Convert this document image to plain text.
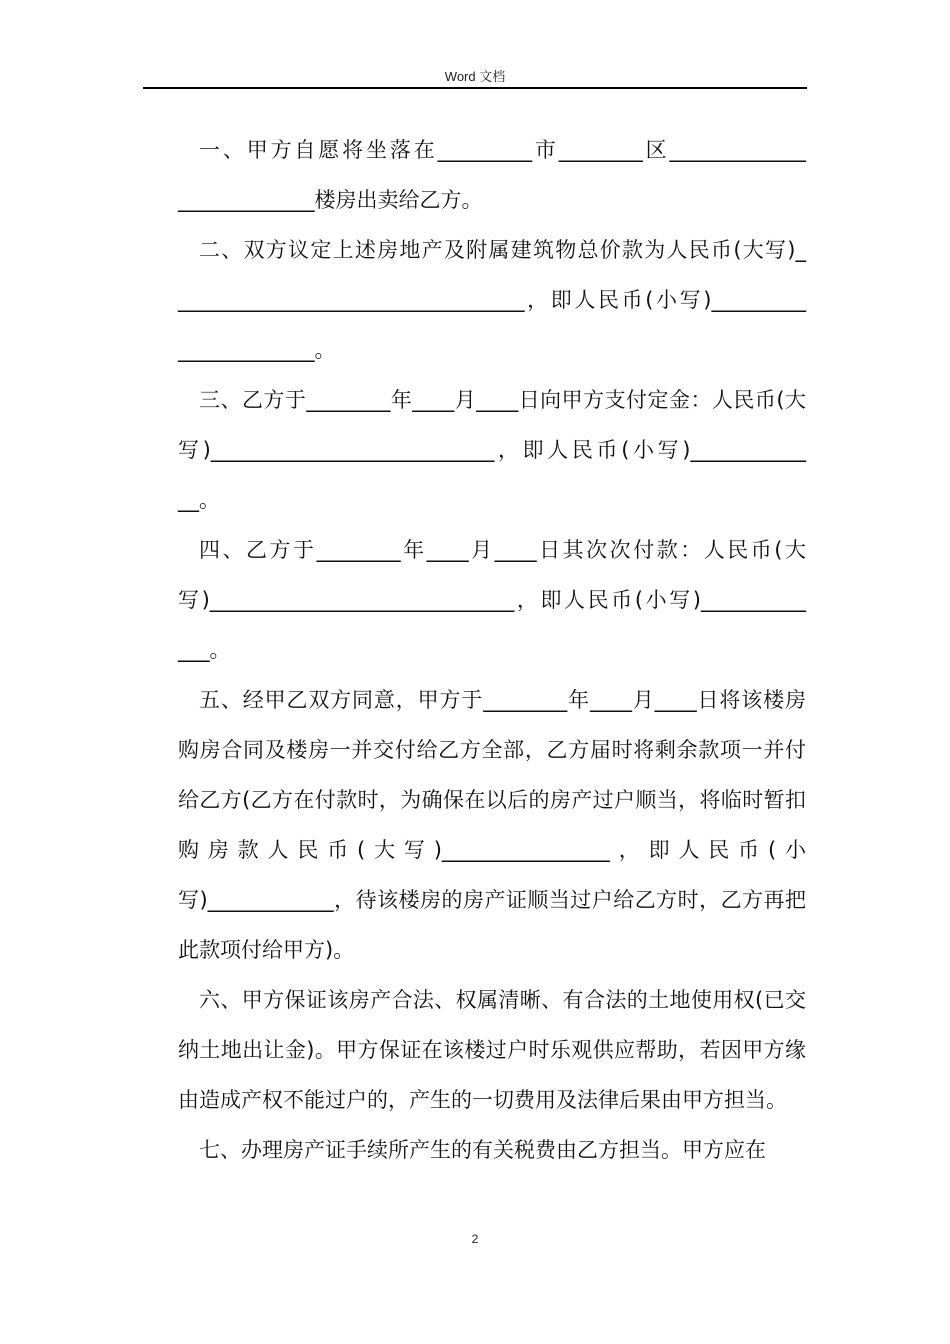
Word 文档

一、甲方自愿将坐落在_________市________区_____________ _____________楼房出卖给乙方。

二、双方议定上述房地产及附属建筑物总价款为人民币(大写)_ _________________________________，即人民币(小写)_________ _____________。

三、乙方于________年____月____日向甲方支付定金：人民币(大写)___________________________，即人民币(小写)___________ __。

四、乙方于________年____月____日其次次付款：人民币(大写)_____________________________，即人民币(小写)__________ ___。

五、经甲乙双方同意，甲方于________年____月____日将该楼房购房合同及楼房一并交付给乙方全部，乙方届时将剩余款项一并付给乙方(乙方在付款时，为确保在以后的房产过户顺当，将临时暂扣购房款人民币(大写)________________，即人民币(小写)____________，待该楼房的房产证顺当过户给乙方时，乙方再把此款项付给甲方)。

六、甲方保证该房产合法、权属清晰、有合法的土地使用权(已交纳土地出让金)。甲方保证在该楼过户时乐观供应帮助，若因甲方缘由造成产权不能过户的，产生的一切费用及法律后果由甲方担当。

七、办理房产证手续所产生的有关税费由乙方担当。甲方应在

2
